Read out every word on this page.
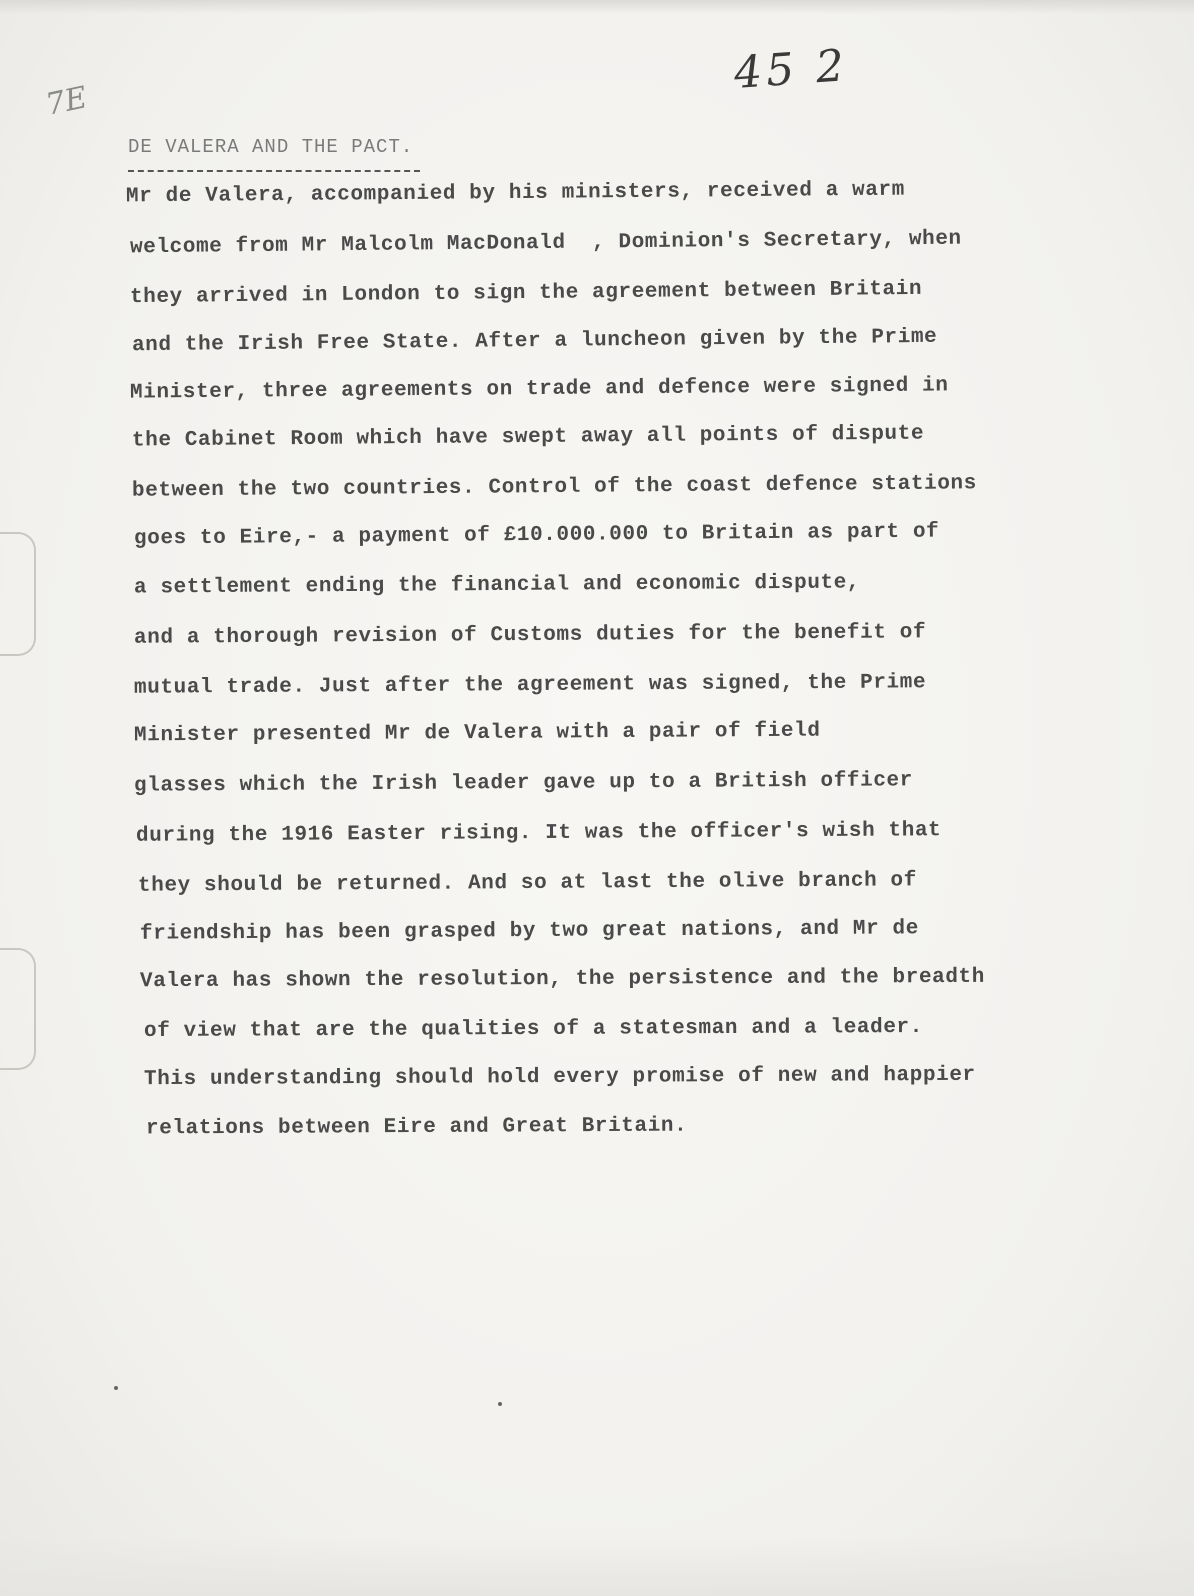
7E
45 2
DE VALERA AND THE PACT.
Mr de Valera, accompanied by his ministers, received a warm
welcome from Mr Malcolm MacDonald  , Dominion's Secretary, when
they arrived in London to sign the agreement between Britain
and the Irish Free State. After a luncheon given by the Prime
Minister, three agreements on trade and defence were signed in
the Cabinet Room which have swept away all points of dispute
between the two countries. Control of the coast defence stations
goes to Eire,- a payment of £10.000.000 to Britain as part of
a settlement ending the financial and economic dispute,
and a thorough revision of Customs duties for the benefit of
mutual trade. Just after the agreement was signed, the Prime
Minister presented Mr de Valera with a pair of field
glasses which the Irish leader gave up to a British officer
during the 1916 Easter rising. It was the officer's wish that
they should be returned. And so at last the olive branch of
friendship has been grasped by two great nations, and Mr de
Valera has shown the resolution, the persistence and the breadth
of view that are the qualities of a statesman and a leader.
This understanding should hold every promise of new and happier
relations between Eire and Great Britain.
